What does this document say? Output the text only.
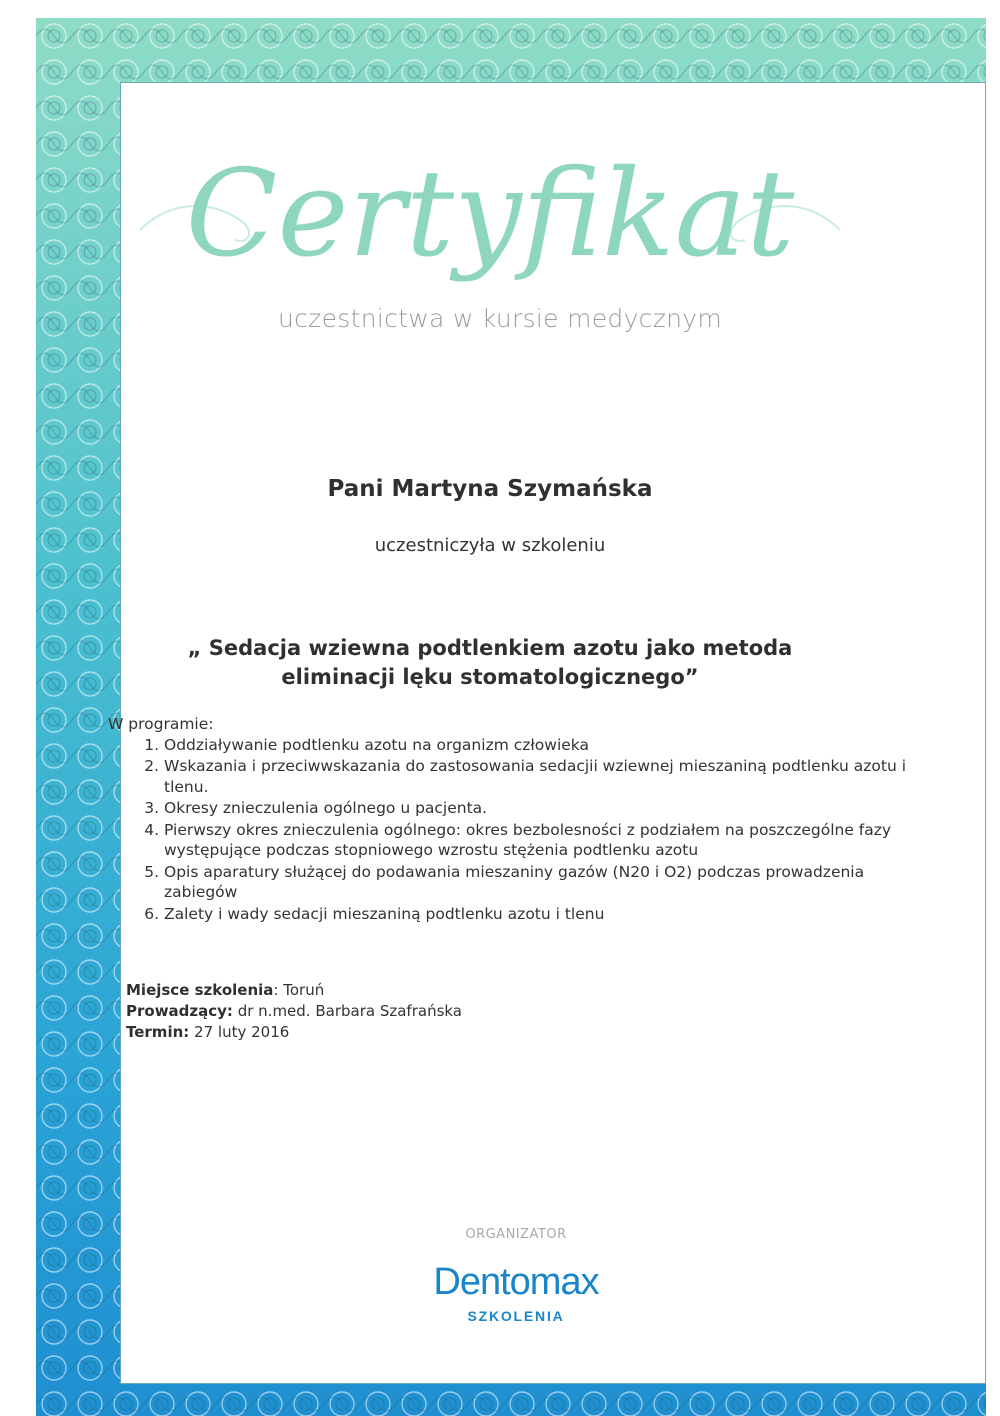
Certyfikat
uczestnictwa w kursie medycznym
Pani Martyna Szymańska
uczestniczyła w szkoleniu
„ Sedacja wziewna podtlenkiem azotu jako metoda
eliminacji lęku stomatologicznego”
W programie:
1. Oddziaływanie podtlenku azotu na organizm człowieka
2. Wskazania i przeciwwskazania do zastosowania sedacjii wziewnej mieszaniną podtlenku azotu i tlenu.
3. Okresy znieczulenia ogólnego u pacjenta.
4. Pierwszy okres znieczulenia ogólnego: okres bezbolesności z podziałem na poszczególne fazy występujące podczas stopniowego wzrostu stężenia podtlenku azotu
5. Opis aparatury służącej do podawania mieszaniny gazów (N20 i O2) podczas prowadzenia zabiegów
6. Zalety i wady sedacji mieszaniną podtlenku azotu i tlenu
Miejsce szkolenia: Toruń
Prowadzący: dr n.med. Barbara Szafrańska
Termin: 27 luty 2016
ORGANIZATOR
Dentomax
SZKOLENIA
